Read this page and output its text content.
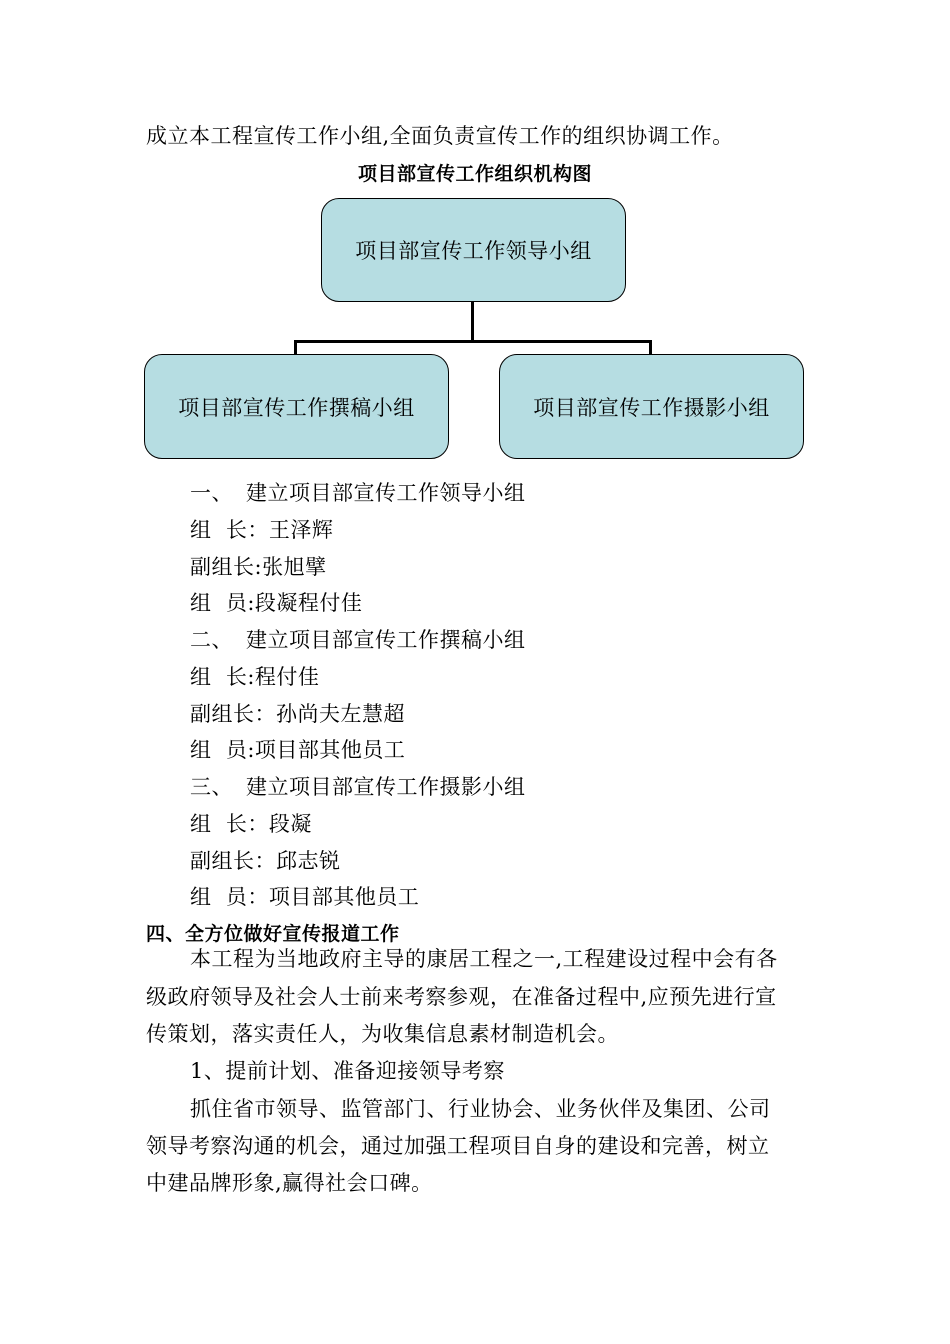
成立本工程宣传工作小组,全面负责宣传工作的组织协调工作。
项目部宣传工作组织机构图
项目部宣传工作领导小组
项目部宣传工作撰稿小组	项目部宣传工作摄影小组
一、 建立项目部宣传工作领导小组
组  长：王泽辉
副组长:张旭擘
组  员:段凝程付佳
二、 建立项目部宣传工作撰稿小组
组  长:程付佳
副组长：孙尚夫左慧超
组  员:项目部其他员工
三、 建立项目部宣传工作摄影小组
组  长：段凝
副组长：邱志锐
组  员：项目部其他员工
四、全方位做好宣传报道工作
本工程为当地政府主导的康居工程之一,工程建设过程中会有各
级政府领导及社会人士前来考察参观，在准备过程中,应预先进行宣
传策划，落实责任人，为收集信息素材制造机会。
1、提前计划、准备迎接领导考察
抓住省市领导、监管部门、行业协会、业务伙伴及集团、公司
领导考察沟通的机会，通过加强工程项目自身的建设和完善，树立
中建品牌形象,赢得社会口碑。
